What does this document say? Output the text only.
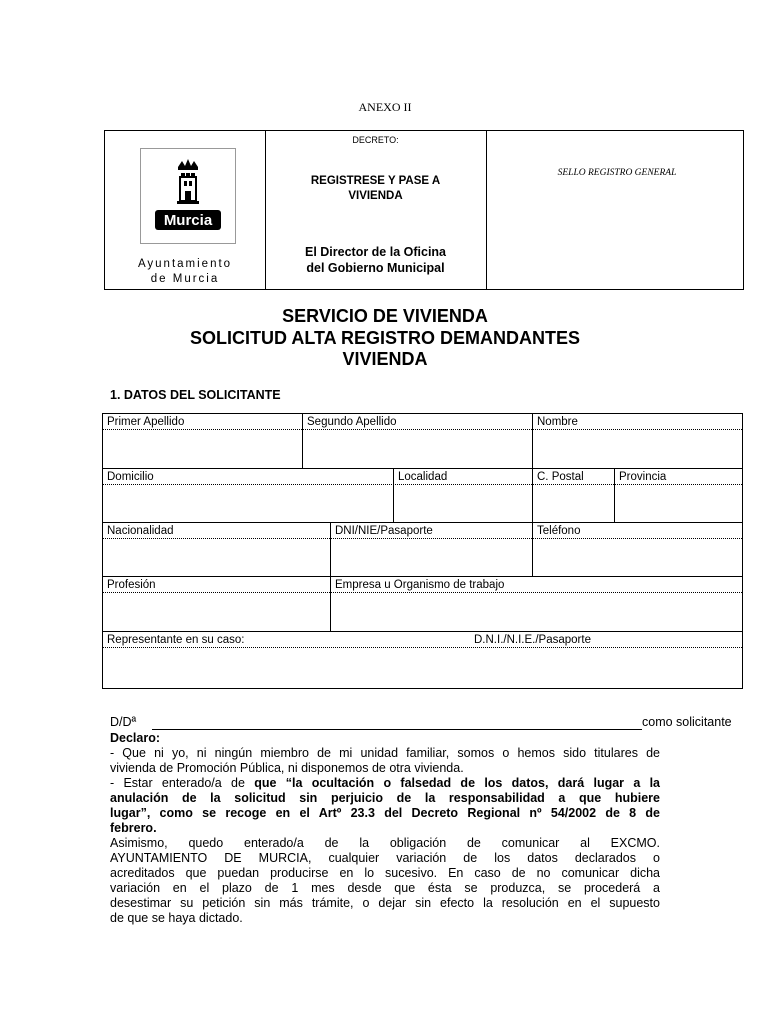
ANEXO II
Murcia
Ayuntamiento
de Murcia
DECRETO:
REGISTRESE Y PASE A
VIVIENDA
El Director de la Oficina
del Gobierno Municipal
SELLO REGISTRO GENERAL
SERVICIO DE VIVIENDA
SOLICITUD ALTA REGISTRO DEMANDANTES
VIVIENDA
1. DATOS DEL SOLICITANTE
Primer Apellido	Segundo Apellido	Nombre
Domicilio	Localidad	C. Postal	Provincia
Nacionalidad	DNI/NIE/Pasaporte	Teléfono
Profesión	Empresa u Organismo de trabajo
Representante en su caso:	D.N.I./N.I.E./Pasaporte
D/Dª	como solicitante
Declaro:
- Que ni yo, ni ningún miembro de mi unidad familiar, somos o hemos sido titulares de
vivienda de Promoción Pública, ni disponemos de otra vivienda.
- Estar enterado/a de que “la ocultación o falsedad de los datos, dará lugar a la
anulación de la solicitud sin perjuicio de la responsabilidad a que hubiere
lugar”, como se recoge en el Artº 23.3 del Decreto Regional nº 54/2002 de 8 de
febrero.
Asimismo, quedo enterado/a de la obligación de comunicar al EXCMO.
AYUNTAMIENTO DE MURCIA, cualquier variación de los datos declarados o
acreditados que puedan producirse en lo sucesivo. En caso de no comunicar dicha
variación en el plazo de 1 mes desde que ésta se produzca, se procederá a
desestimar su petición sin más trámite, o dejar sin efecto la resolución en el supuesto
de que se haya dictado.
